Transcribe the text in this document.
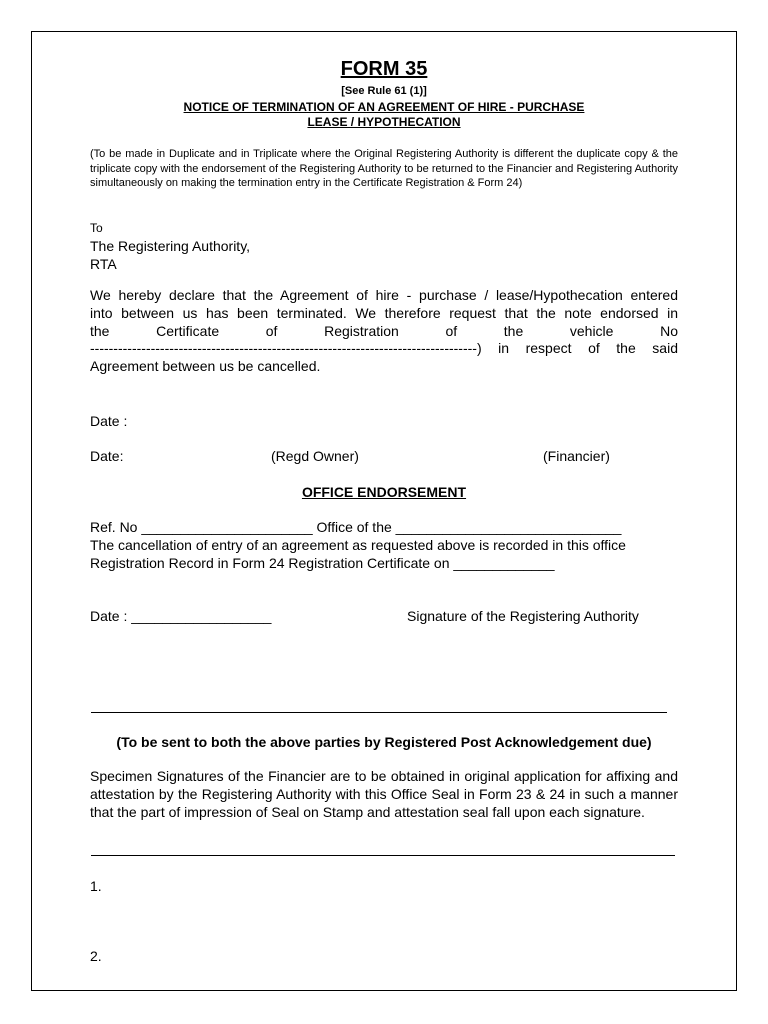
FORM 35
[See Rule 61 (1)]
NOTICE OF TERMINATION OF AN AGREEMENT OF HIRE - PURCHASE
LEASE / HYPOTHECATION
(To be made in Duplicate and in Triplicate where the Original Registering Authority is different the duplicate copy & the triplicate copy with the endorsement of the Registering Authority to be returned to the Financier and Registering Authority simultaneously on making the termination entry in the Certificate Registration & Form 24)
To
The Registering Authority,
RTA
We hereby declare that the Agreement of hire - purchase / lease/Hypothecation entered
into between us has been terminated. We therefore request that the note endorsed in
the Certificate of Registration of the vehicle No
-----------------------------------------------------------------------------------) in respect of the said
Agreement between us be cancelled.
Date :
Date:	(Regd Owner)	(Financier)
OFFICE ENDORSEMENT
Ref. No ______________________ Office of the _____________________________
The cancellation of entry of an agreement as requested above is recorded in this office
Registration Record in Form 24 Registration Certificate on _____________
Date : __________________	Signature of the Registering Authority
(To be sent to both the above parties by Registered Post Acknowledgement due)
Specimen Signatures of the Financier are to be obtained in original application for affixing and attestation by the Registering Authority with this Office Seal in Form 23 & 24 in such a manner that the part of impression of Seal on Stamp and attestation seal fall upon each signature.
1.
2.
